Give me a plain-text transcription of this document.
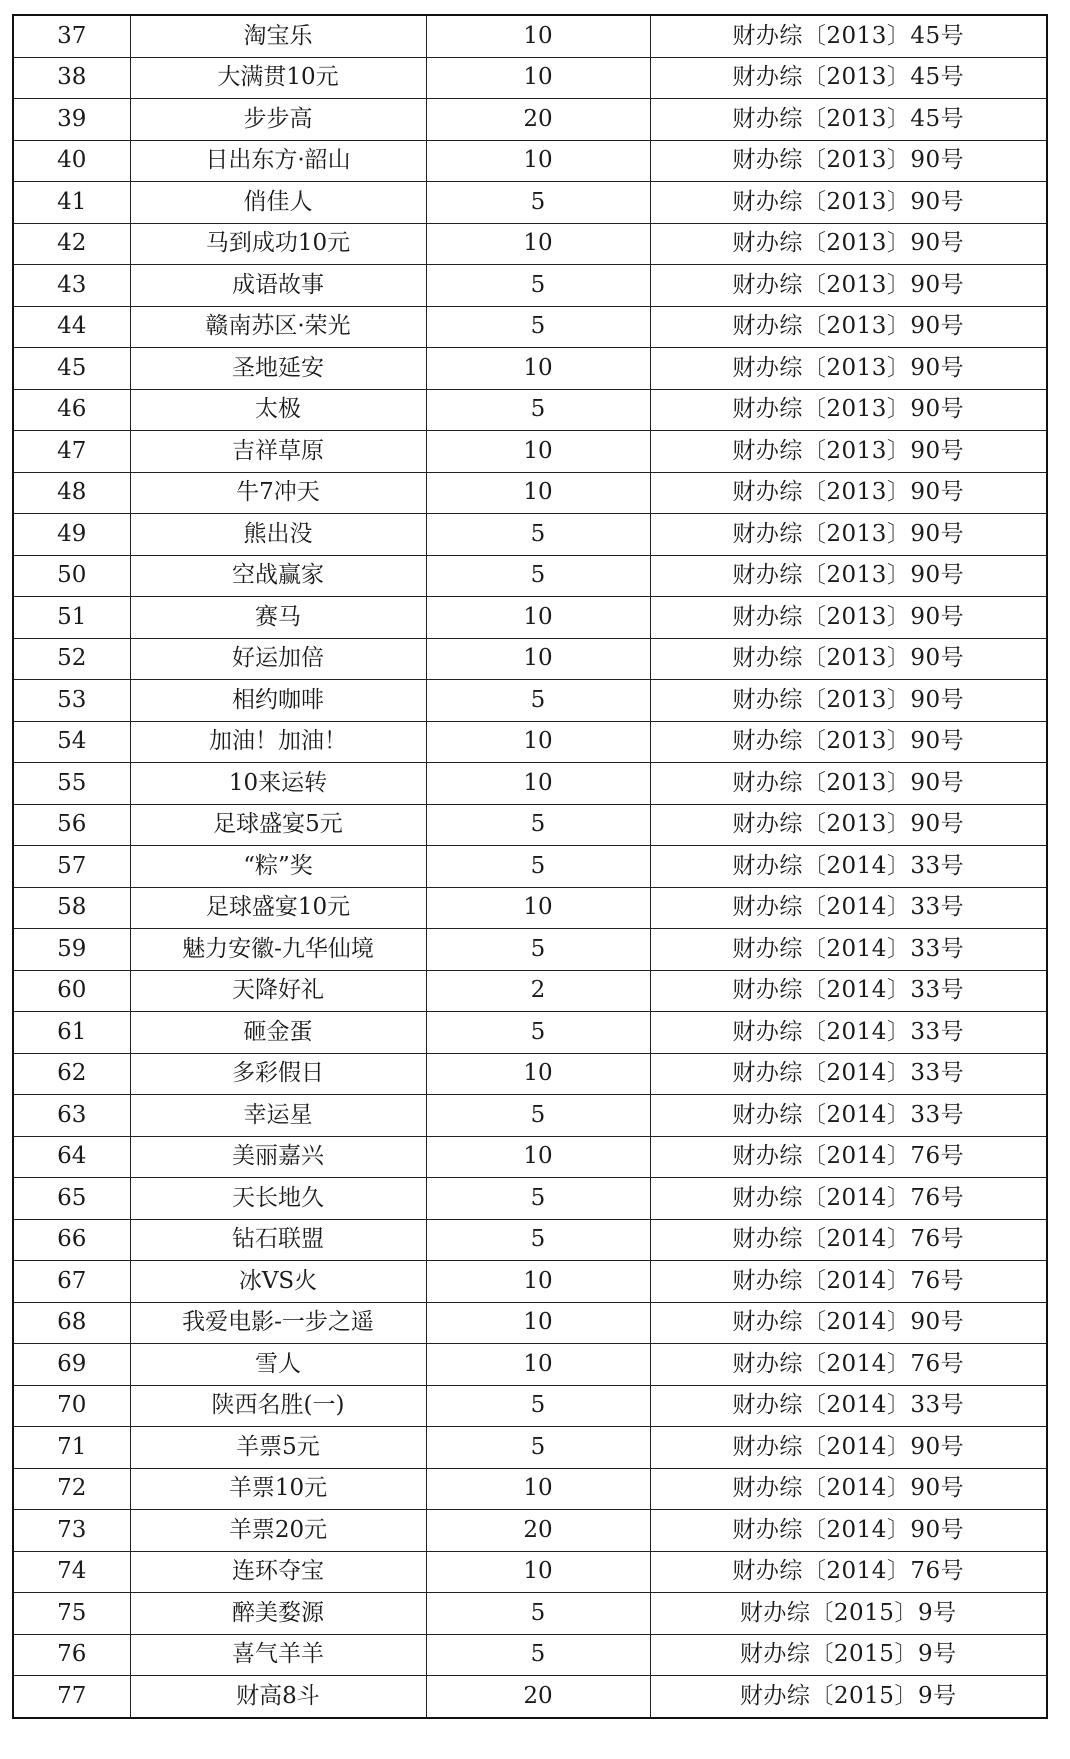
37	淘宝乐	10	财办综〔2013〕45号
38	大满贯10元	10	财办综〔2013〕45号
39	步步高	20	财办综〔2013〕45号
40	日出东方·韶山	10	财办综〔2013〕90号
41	俏佳人	5	财办综〔2013〕90号
42	马到成功10元	10	财办综〔2013〕90号
43	成语故事	5	财办综〔2013〕90号
44	赣南苏区·荣光	5	财办综〔2013〕90号
45	圣地延安	10	财办综〔2013〕90号
46	太极	5	财办综〔2013〕90号
47	吉祥草原	10	财办综〔2013〕90号
48	牛7冲天	10	财办综〔2013〕90号
49	熊出没	5	财办综〔2013〕90号
50	空战赢家	5	财办综〔2013〕90号
51	赛马	10	财办综〔2013〕90号
52	好运加倍	10	财办综〔2013〕90号
53	相约咖啡	5	财办综〔2013〕90号
54	加油！加油！	10	财办综〔2013〕90号
55	10来运转	10	财办综〔2013〕90号
56	足球盛宴5元	5	财办综〔2013〕90号
57	“粽”奖	5	财办综〔2014〕33号
58	足球盛宴10元	10	财办综〔2014〕33号
59	魅力安徽-九华仙境	5	财办综〔2014〕33号
60	天降好礼	2	财办综〔2014〕33号
61	砸金蛋	5	财办综〔2014〕33号
62	多彩假日	10	财办综〔2014〕33号
63	幸运星	5	财办综〔2014〕33号
64	美丽嘉兴	10	财办综〔2014〕76号
65	天长地久	5	财办综〔2014〕76号
66	钻石联盟	5	财办综〔2014〕76号
67	冰VS火	10	财办综〔2014〕76号
68	我爱电影-一步之遥	10	财办综〔2014〕90号
69	雪人	10	财办综〔2014〕76号
70	陕西名胜(一)	5	财办综〔2014〕33号
71	羊票5元	5	财办综〔2014〕90号
72	羊票10元	10	财办综〔2014〕90号
73	羊票20元	20	财办综〔2014〕90号
74	连环夺宝	10	财办综〔2014〕76号
75	醉美婺源	5	财办综〔2015〕9号
76	喜气羊羊	5	财办综〔2015〕9号
77	财高8斗	20	财办综〔2015〕9号
